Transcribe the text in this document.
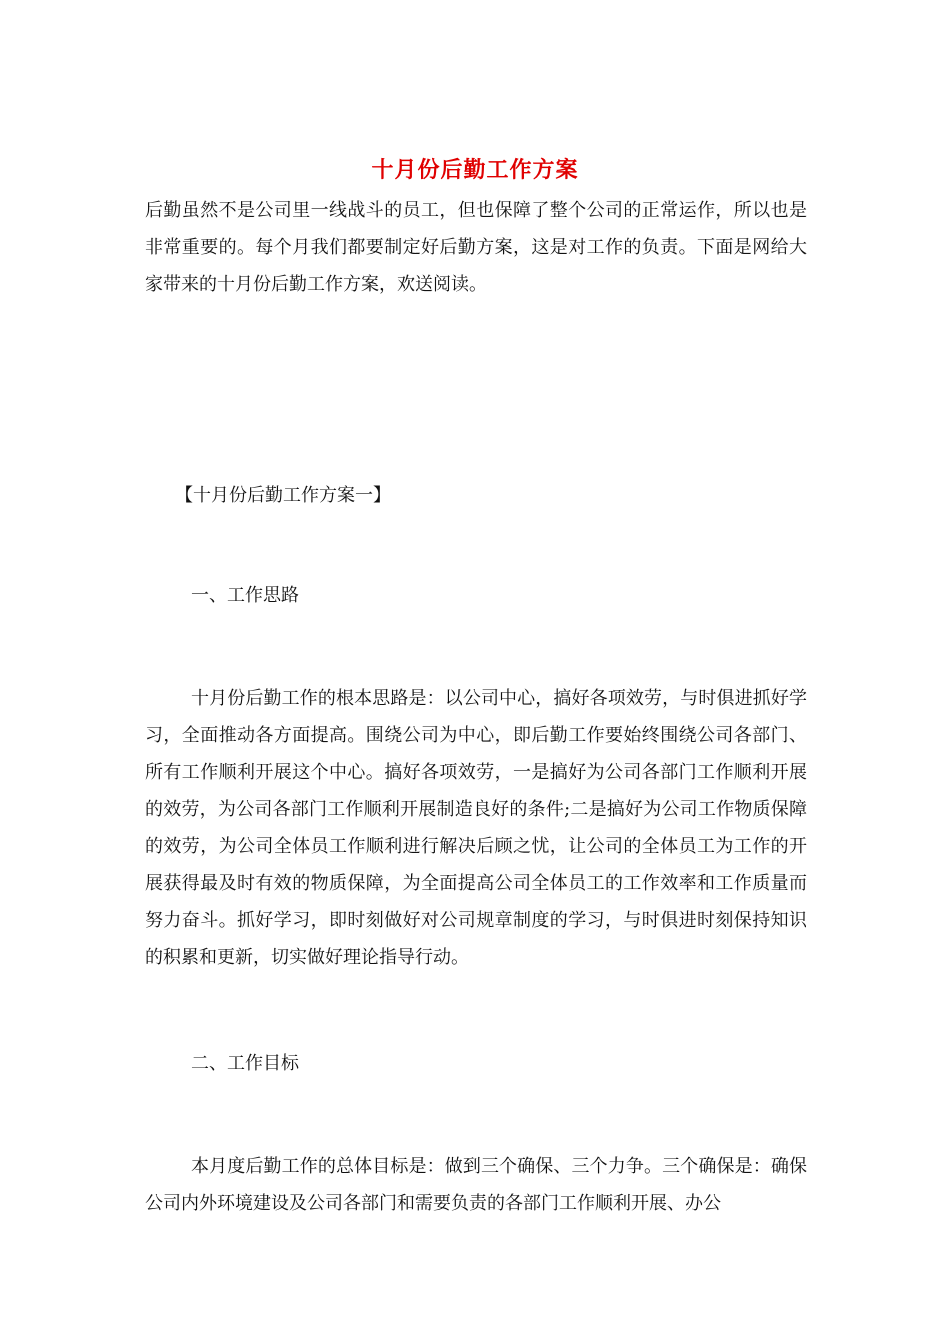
十月份后勤工作方案

后勤虽然不是公司里一线战斗的员工，但也保障了整个公司的正常运作，所以也是非常重要的。每个月我们都要制定好后勤方案，这是对工作的负责。下面是网给大家带来的十月份后勤工作方案，欢送阅读。

【十月份后勤工作方案一】
一、工作思路

十月份后勤工作的根本思路是：以公司中心，搞好各项效劳，与时俱进抓好学习，全面推动各方面提高。围绕公司为中心，即后勤工作要始终围绕公司各部门、所有工作顺利开展这个中心。搞好各项效劳，一是搞好为公司各部门工作顺利开展的效劳，为公司各部门工作顺利开展制造良好的条件;二是搞好为公司工作物质保障的效劳，为公司全体员工作顺利进行解决后顾之忧，让公司的全体员工为工作的开展获得最及时有效的物质保障，为全面提高公司全体员工的工作效率和工作质量而努力奋斗。抓好学习，即时刻做好对公司规章制度的学习，与时俱进时刻保持知识的积累和更新，切实做好理论指导行动。

二、工作目标

本月度后勤工作的总体目标是：做到三个确保、三个力争。三个确保是：确保公司内外环境建设及公司各部门和需要负责的各部门工作顺利开展、办公
